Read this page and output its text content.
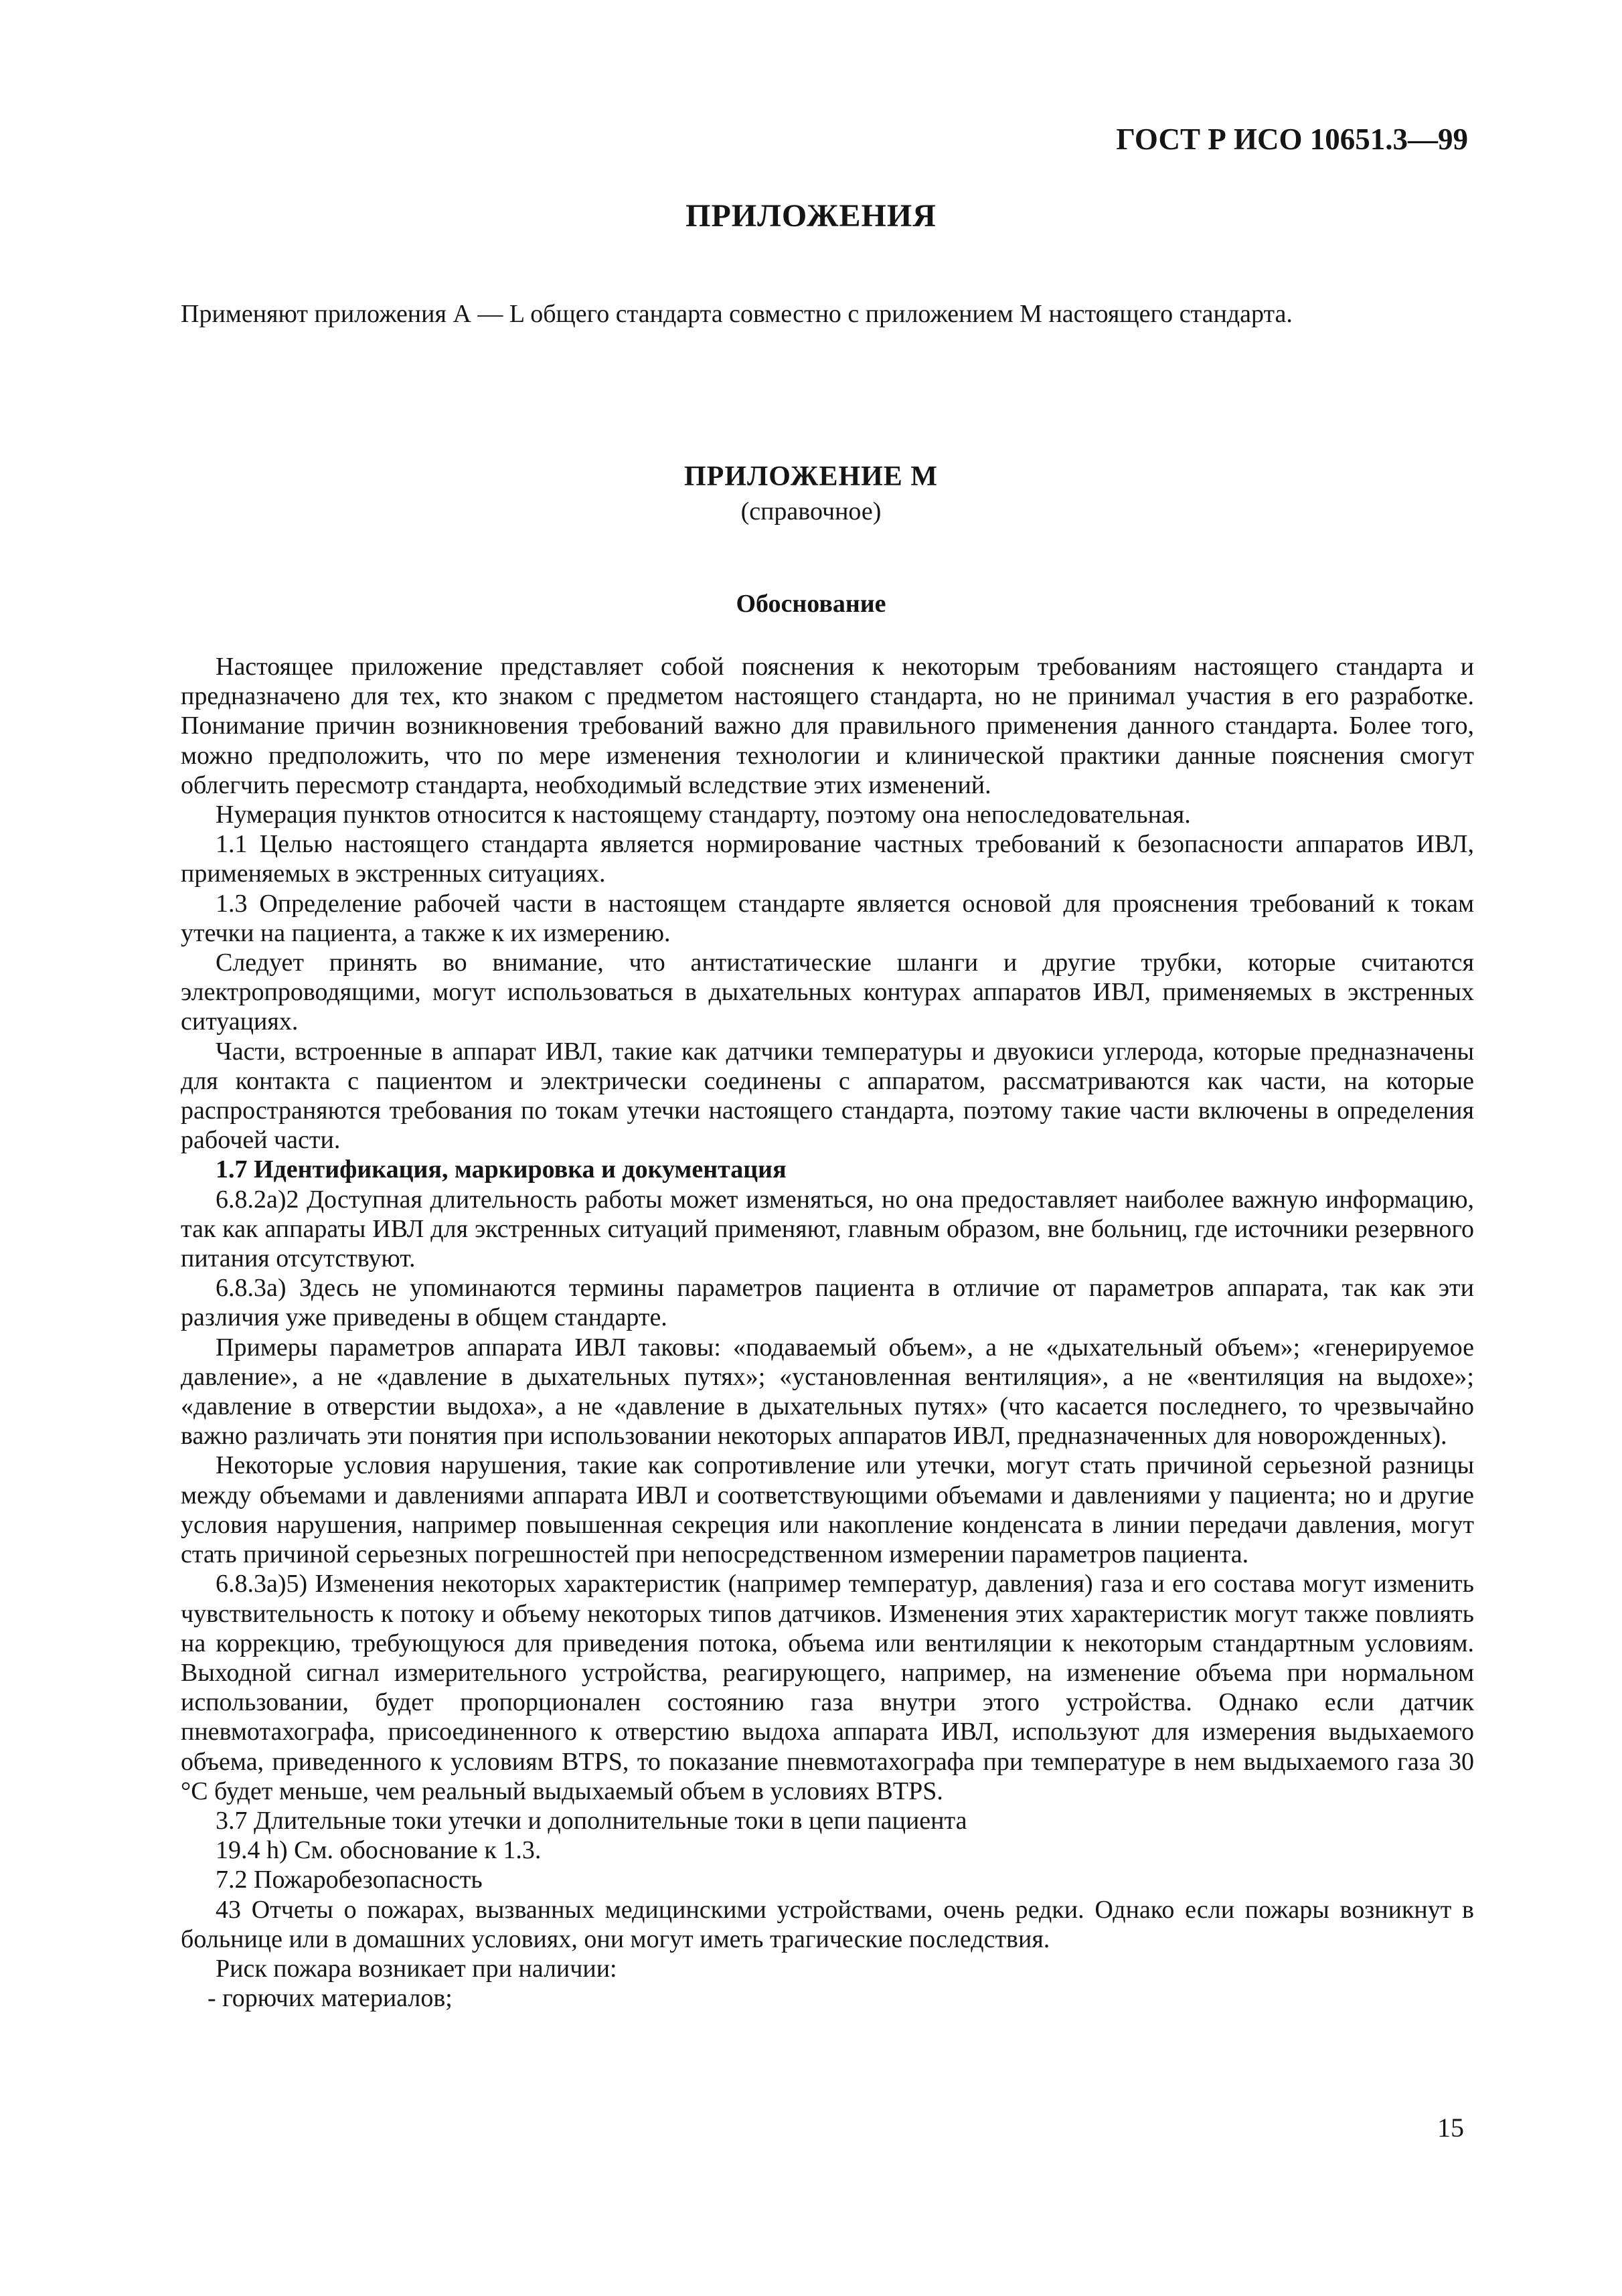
ГОСТ Р ИСО 10651.3—99

ПРИЛОЖЕНИЯ

Применяют приложения А — L общего стандарта совместно с приложением М настоящего стандарта.

ПРИЛОЖЕНИЕ М

(справочное)

Обоснование

Настоящее приложение представляет собой пояснения к некоторым требованиям настоящего стандарта и предназначено для тех, кто знаком с предметом настоящего стандарта, но не принимал участия в его разработке. Понимание причин возникновения требований важно для правильного применения данного стандарта. Более того, можно предположить, что по мере изменения технологии и клинической практики данные пояснения смогут облегчить пересмотр стандарта, необходимый вследствие этих изменений.

Нумерация пунктов относится к настоящему стандарту, поэтому она непоследовательная.

1.1 Целью настоящего стандарта является нормирование частных требований к безопасности аппаратов ИВЛ, применяемых в экстренных ситуациях.

1.3 Определение рабочей части в настоящем стандарте является основой для прояснения требований к токам утечки на пациента, а также к их измерению.

Следует принять во внимание, что антистатические шланги и другие трубки, которые считаются электропроводящими, могут использоваться в дыхательных контурах аппаратов ИВЛ, применяемых в экстренных ситуациях.

Части, встроенные в аппарат ИВЛ, такие как датчики температуры и двуокиси углерода, которые предназначены для контакта с пациентом и электрически соединены с аппаратом, рассматриваются как части, на которые распространяются требования по токам утечки настоящего стандарта, поэтому такие части включены в определения рабочей части.

1.7 Идентификация, маркировка и документация

6.8.2а)2 Доступная длительность работы может изменяться, но она предоставляет наиболее важную информацию, так как аппараты ИВЛ для экстренных ситуаций применяют, главным образом, вне больниц, где источники резервного питания отсутствуют.

6.8.3а) Здесь не упоминаются термины параметров пациента в отличие от параметров аппарата, так как эти различия уже приведены в общем стандарте.

Примеры параметров аппарата ИВЛ таковы: «подаваемый объем», а не «дыхательный объем»; «генерируемое давление», а не «давление в дыхательных путях»; «установленная вентиляция», а не «вентиляция на выдохе»; «давление в отверстии выдоха», а не «давление в дыхательных путях» (что касается последнего, то чрезвычайно важно различать эти понятия при использовании некоторых аппаратов ИВЛ, предназначенных для новорожденных).

Некоторые условия нарушения, такие как сопротивление или утечки, могут стать причиной серьезной разницы между объемами и давлениями аппарата ИВЛ и соответствующими объемами и давлениями у пациента; но и другие условия нарушения, например повышенная секреция или накопление конденсата в линии передачи давления, могут стать причиной серьезных погрешностей при непосредственном измерении параметров пациента.

6.8.3а)5) Изменения некоторых характеристик (например температур, давления) газа и его состава могут изменить чувствительность к потоку и объему некоторых типов датчиков. Изменения этих характеристик могут также повлиять на коррекцию, требующуюся для приведения потока, объема или вентиляции к некоторым стандартным условиям. Выходной сигнал измерительного устройства, реагирующего, например, на изменение объема при нормальном использовании, будет пропорционален состоянию газа внутри этого устройства. Однако если датчик пневмотахографа, присоединенного к отверстию выдоха аппарата ИВЛ, используют для измерения выдыхаемого объема, приведенного к условиям BTPS, то показание пневмотахографа при температуре в нем выдыхаемого газа 30 °С будет меньше, чем реальный выдыхаемый объем в условиях BTPS.

3.7 Длительные токи утечки и дополнительные токи в цепи пациента

19.4 h) См. обоснование к 1.3.

7.2 Пожаробезопасность

43 Отчеты о пожарах, вызванных медицинскими устройствами, очень редки. Однако если пожары возникнут в больнице или в домашних условиях, они могут иметь трагические последствия.

Риск пожара возникает при наличии:

- горючих материалов;

15
